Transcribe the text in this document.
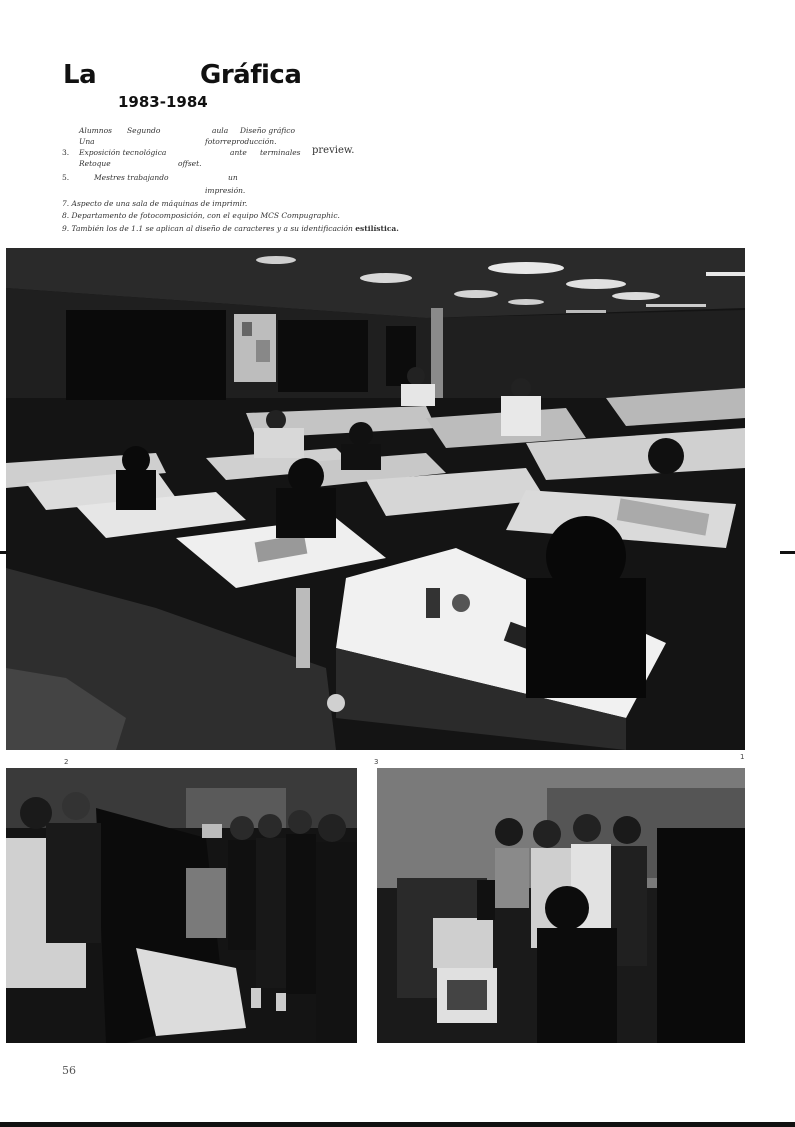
La	Gráfica
1983-1984
Alumnos Segundo	aula Diseño gráfico
Una	fotorreproducción.
3. Exposición tecnológica	ante terminales preview.
Retoque	offset.
5.	Mestres trabajando	un
impresión.
7. Aspecto de una sala de máquinas de imprimir.
8. Departamento de fotocomposición, con el equipo MCS Compugraphic.
9. También los de 1.1 se aplican al diseño de caracteres y a su identificación estilística.
1
2	3
56
